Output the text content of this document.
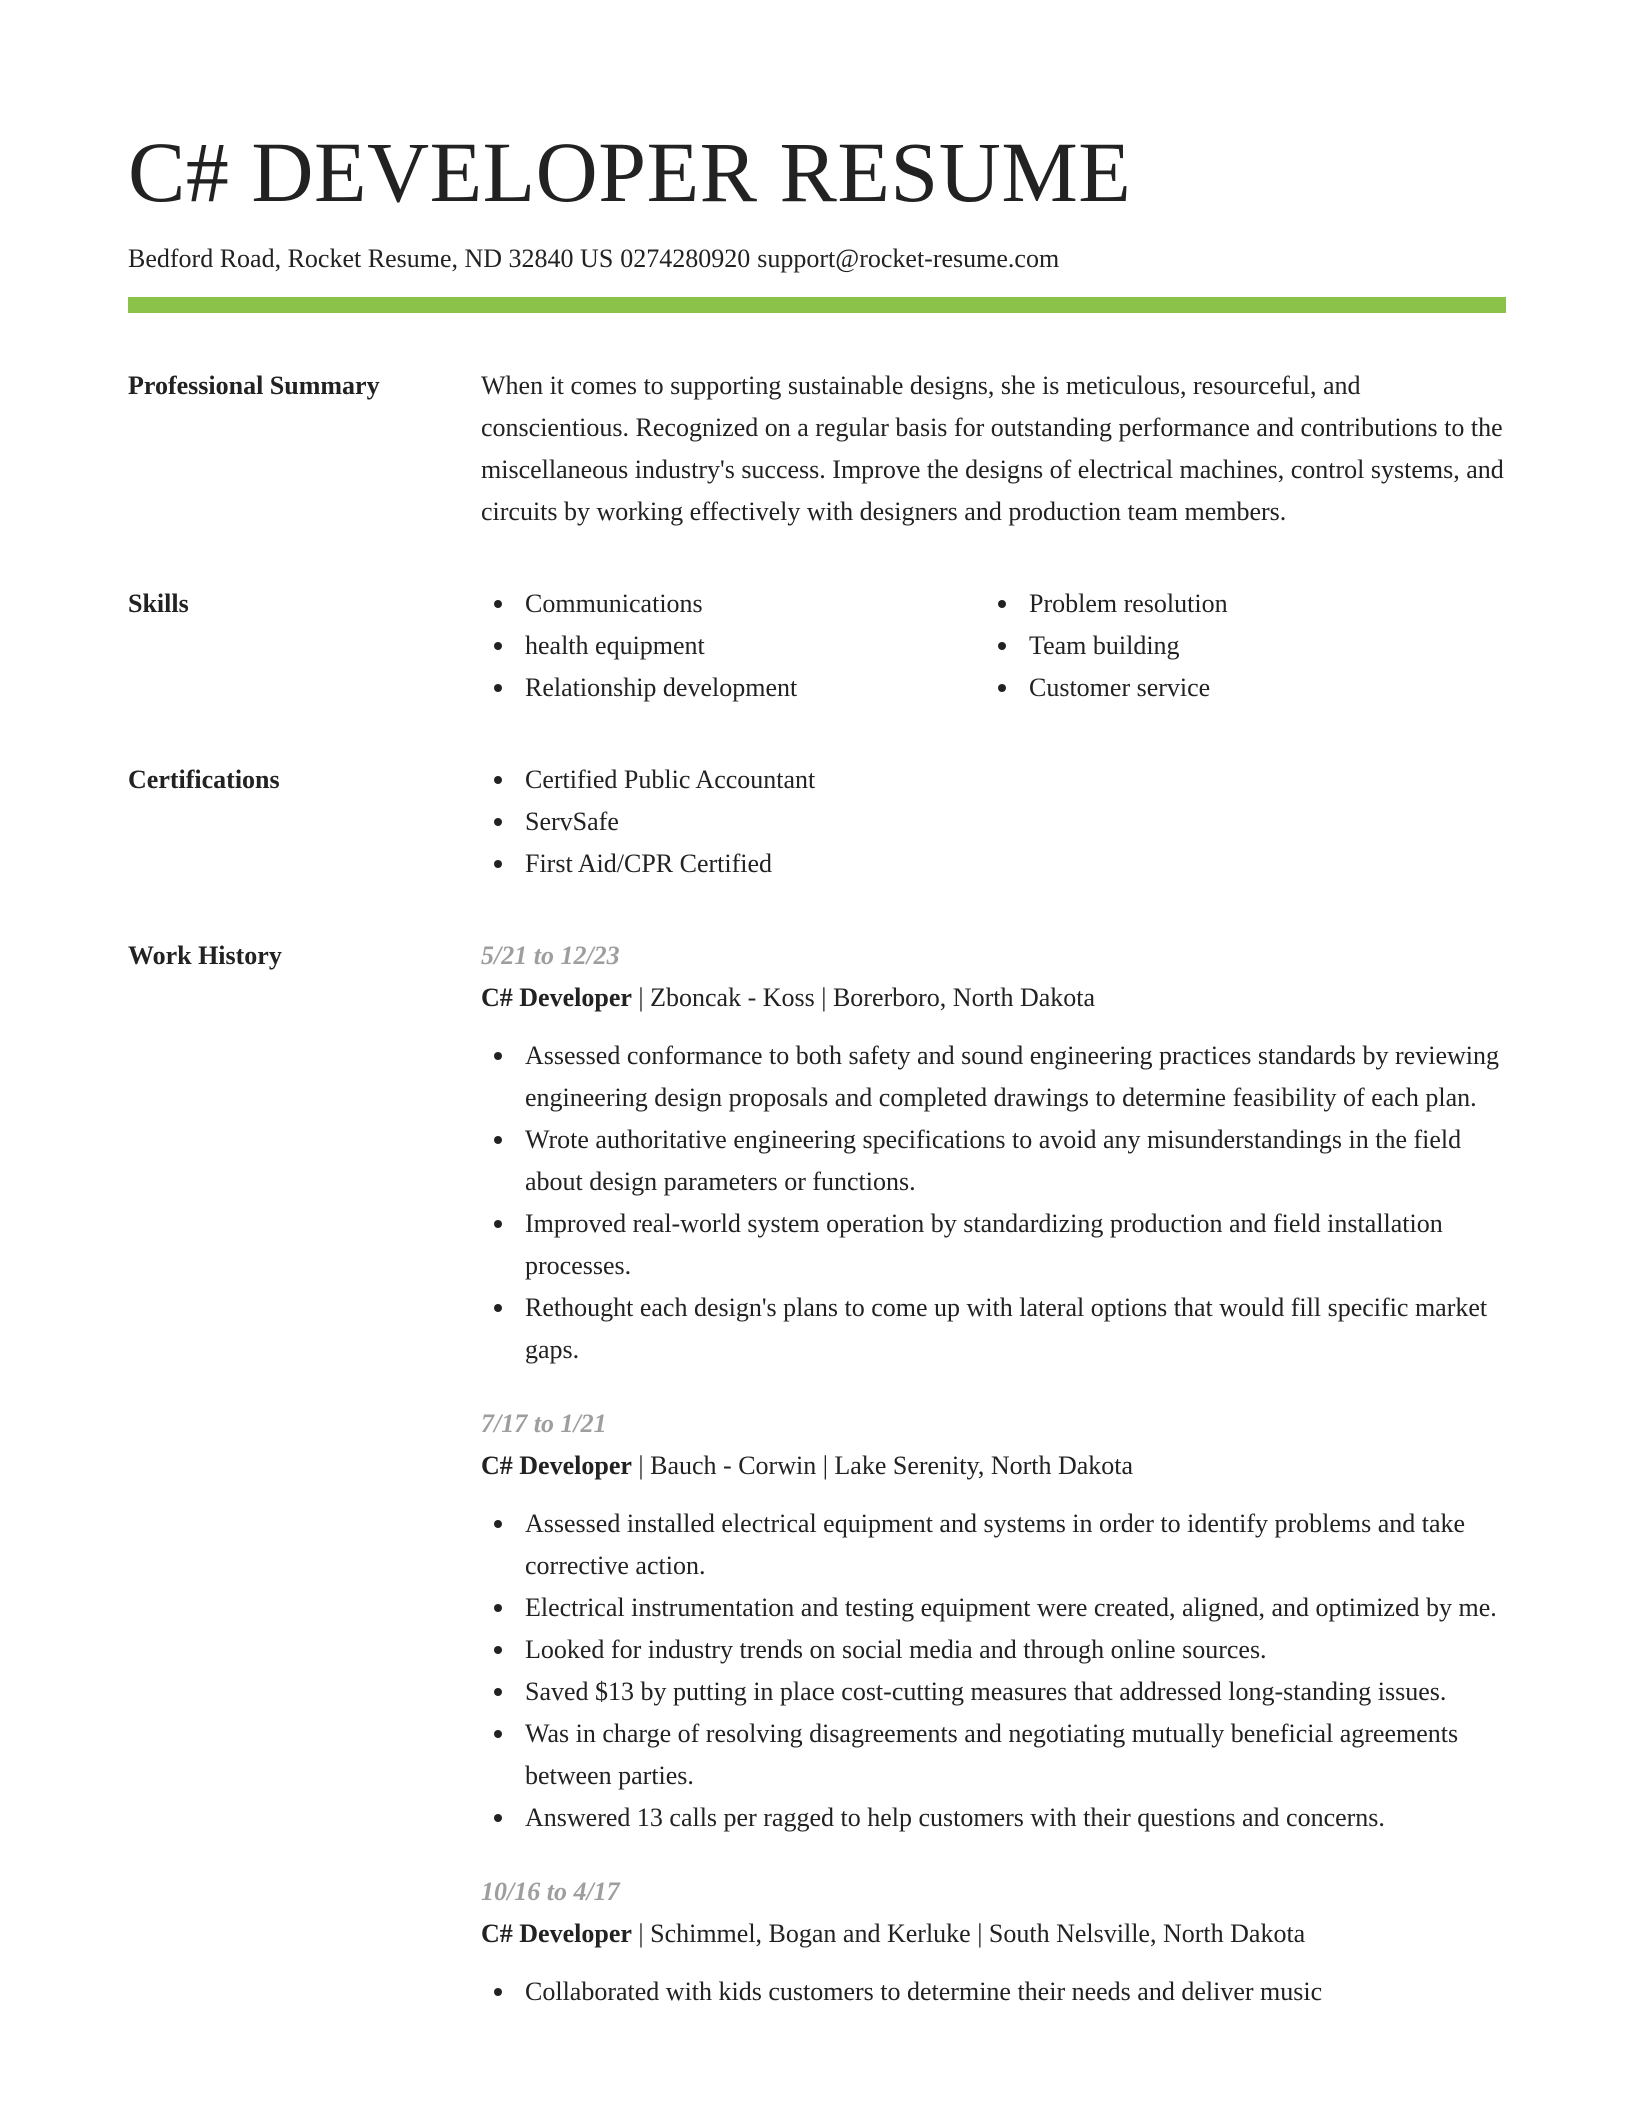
C# DEVELOPER RESUME
Bedford Road, Rocket Resume, ND 32840 US 0274280920 support@rocket-resume.com
Professional Summary	When it comes to supporting sustainable designs, she is meticulous, resourceful, and conscientious. Recognized on a regular basis for outstanding performance and contributions to the miscellaneous industry's success. Improve the designs of electrical machines, control systems, and circuits by working effectively with designers and production team members.

Skills	Communications
health equipment
Relationship development
Problem resolution
Team building
Customer service
Certifications	Certified Public Accountant
ServSafe
First Aid/CPR Certified
Work History	5/21 to 12/23
C# Developer | Zboncak - Koss | Borerboro, North Dakota
Assessed conformance to both safety and sound engineering practices standards by reviewing engineering design proposals and completed drawings to determine feasibility of each plan.
Wrote authoritative engineering specifications to avoid any misunderstandings in the field about design parameters or functions.
Improved real-world system operation by standardizing production and field installation processes.
Rethought each design's plans to come up with lateral options that would fill specific market gaps.
7/17 to 1/21
C# Developer | Bauch - Corwin | Lake Serenity, North Dakota
Assessed installed electrical equipment and systems in order to identify problems and take corrective action.
Electrical instrumentation and testing equipment were created, aligned, and optimized by me.
Looked for industry trends on social media and through online sources.
Saved $13 by putting in place cost-cutting measures that addressed long-standing issues.
Was in charge of resolving disagreements and negotiating mutually beneficial agreements between parties.
Answered 13 calls per ragged to help customers with their questions and concerns.
10/16 to 4/17
C# Developer | Schimmel, Bogan and Kerluke | South Nelsville, North Dakota
Collaborated with kids customers to determine their needs and deliver music
